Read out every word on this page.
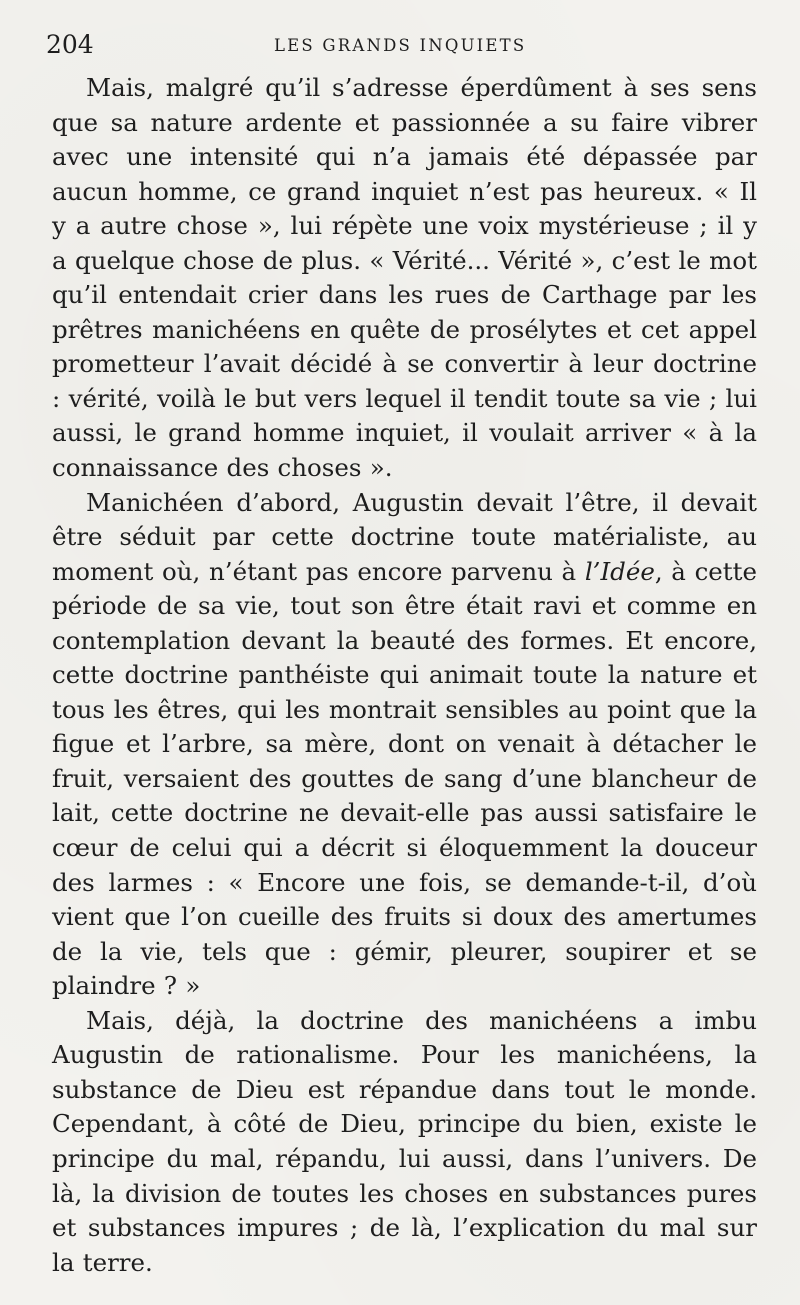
204	LES GRANDS INQUIETS

Mais, malgré qu’il s’adresse éperdûment à ses sens que sa nature ardente et passionnée a su faire vibrer avec une intensité qui n’a jamais été dépassée par aucun homme, ce grand inquiet n’est pas heureux. « Il y a autre chose », lui répète une voix mystérieuse ; il y a quelque chose de plus. « Vérité... Vérité », c’est le mot qu’il entendait crier dans les rues de Carthage par les prêtres manichéens en quête de prosélytes et cet appel prometteur l’avait décidé à se convertir à leur doctrine : vérité, voilà le but vers lequel il tendit toute sa vie ; lui aussi, le grand homme inquiet, il voulait arriver « à la connaissance des choses ».

Manichéen d’abord, Augustin devait l’être, il devait être séduit par cette doctrine toute matérialiste, au moment où, n’étant pas encore parvenu à l’Idée, à cette période de sa vie, tout son être était ravi et comme en contemplation devant la beauté des formes. Et encore, cette doctrine panthéiste qui animait toute la nature et tous les êtres, qui les montrait sensibles au point que la figue et l’arbre, sa mère, dont on venait à détacher le fruit, versaient des gouttes de sang d’une blancheur de lait, cette doctrine ne devait-elle pas aussi satisfaire le cœur de celui qui a décrit si éloquemment la douceur des larmes : « Encore une fois, se demande-t-il, d’où vient que l’on cueille des fruits si doux des amertumes de la vie, tels que : gémir, pleurer, soupirer et se plaindre ? »

Mais, déjà, la doctrine des manichéens a imbu Augustin de rationalisme. Pour les manichéens, la substance de Dieu est répandue dans tout le monde. Cependant, à côté de Dieu, principe du bien, existe le principe du mal, répandu, lui aussi, dans l’univers. De là, la division de toutes les choses en substances pures et substances impures ; de là, l’explication du mal sur la terre.
